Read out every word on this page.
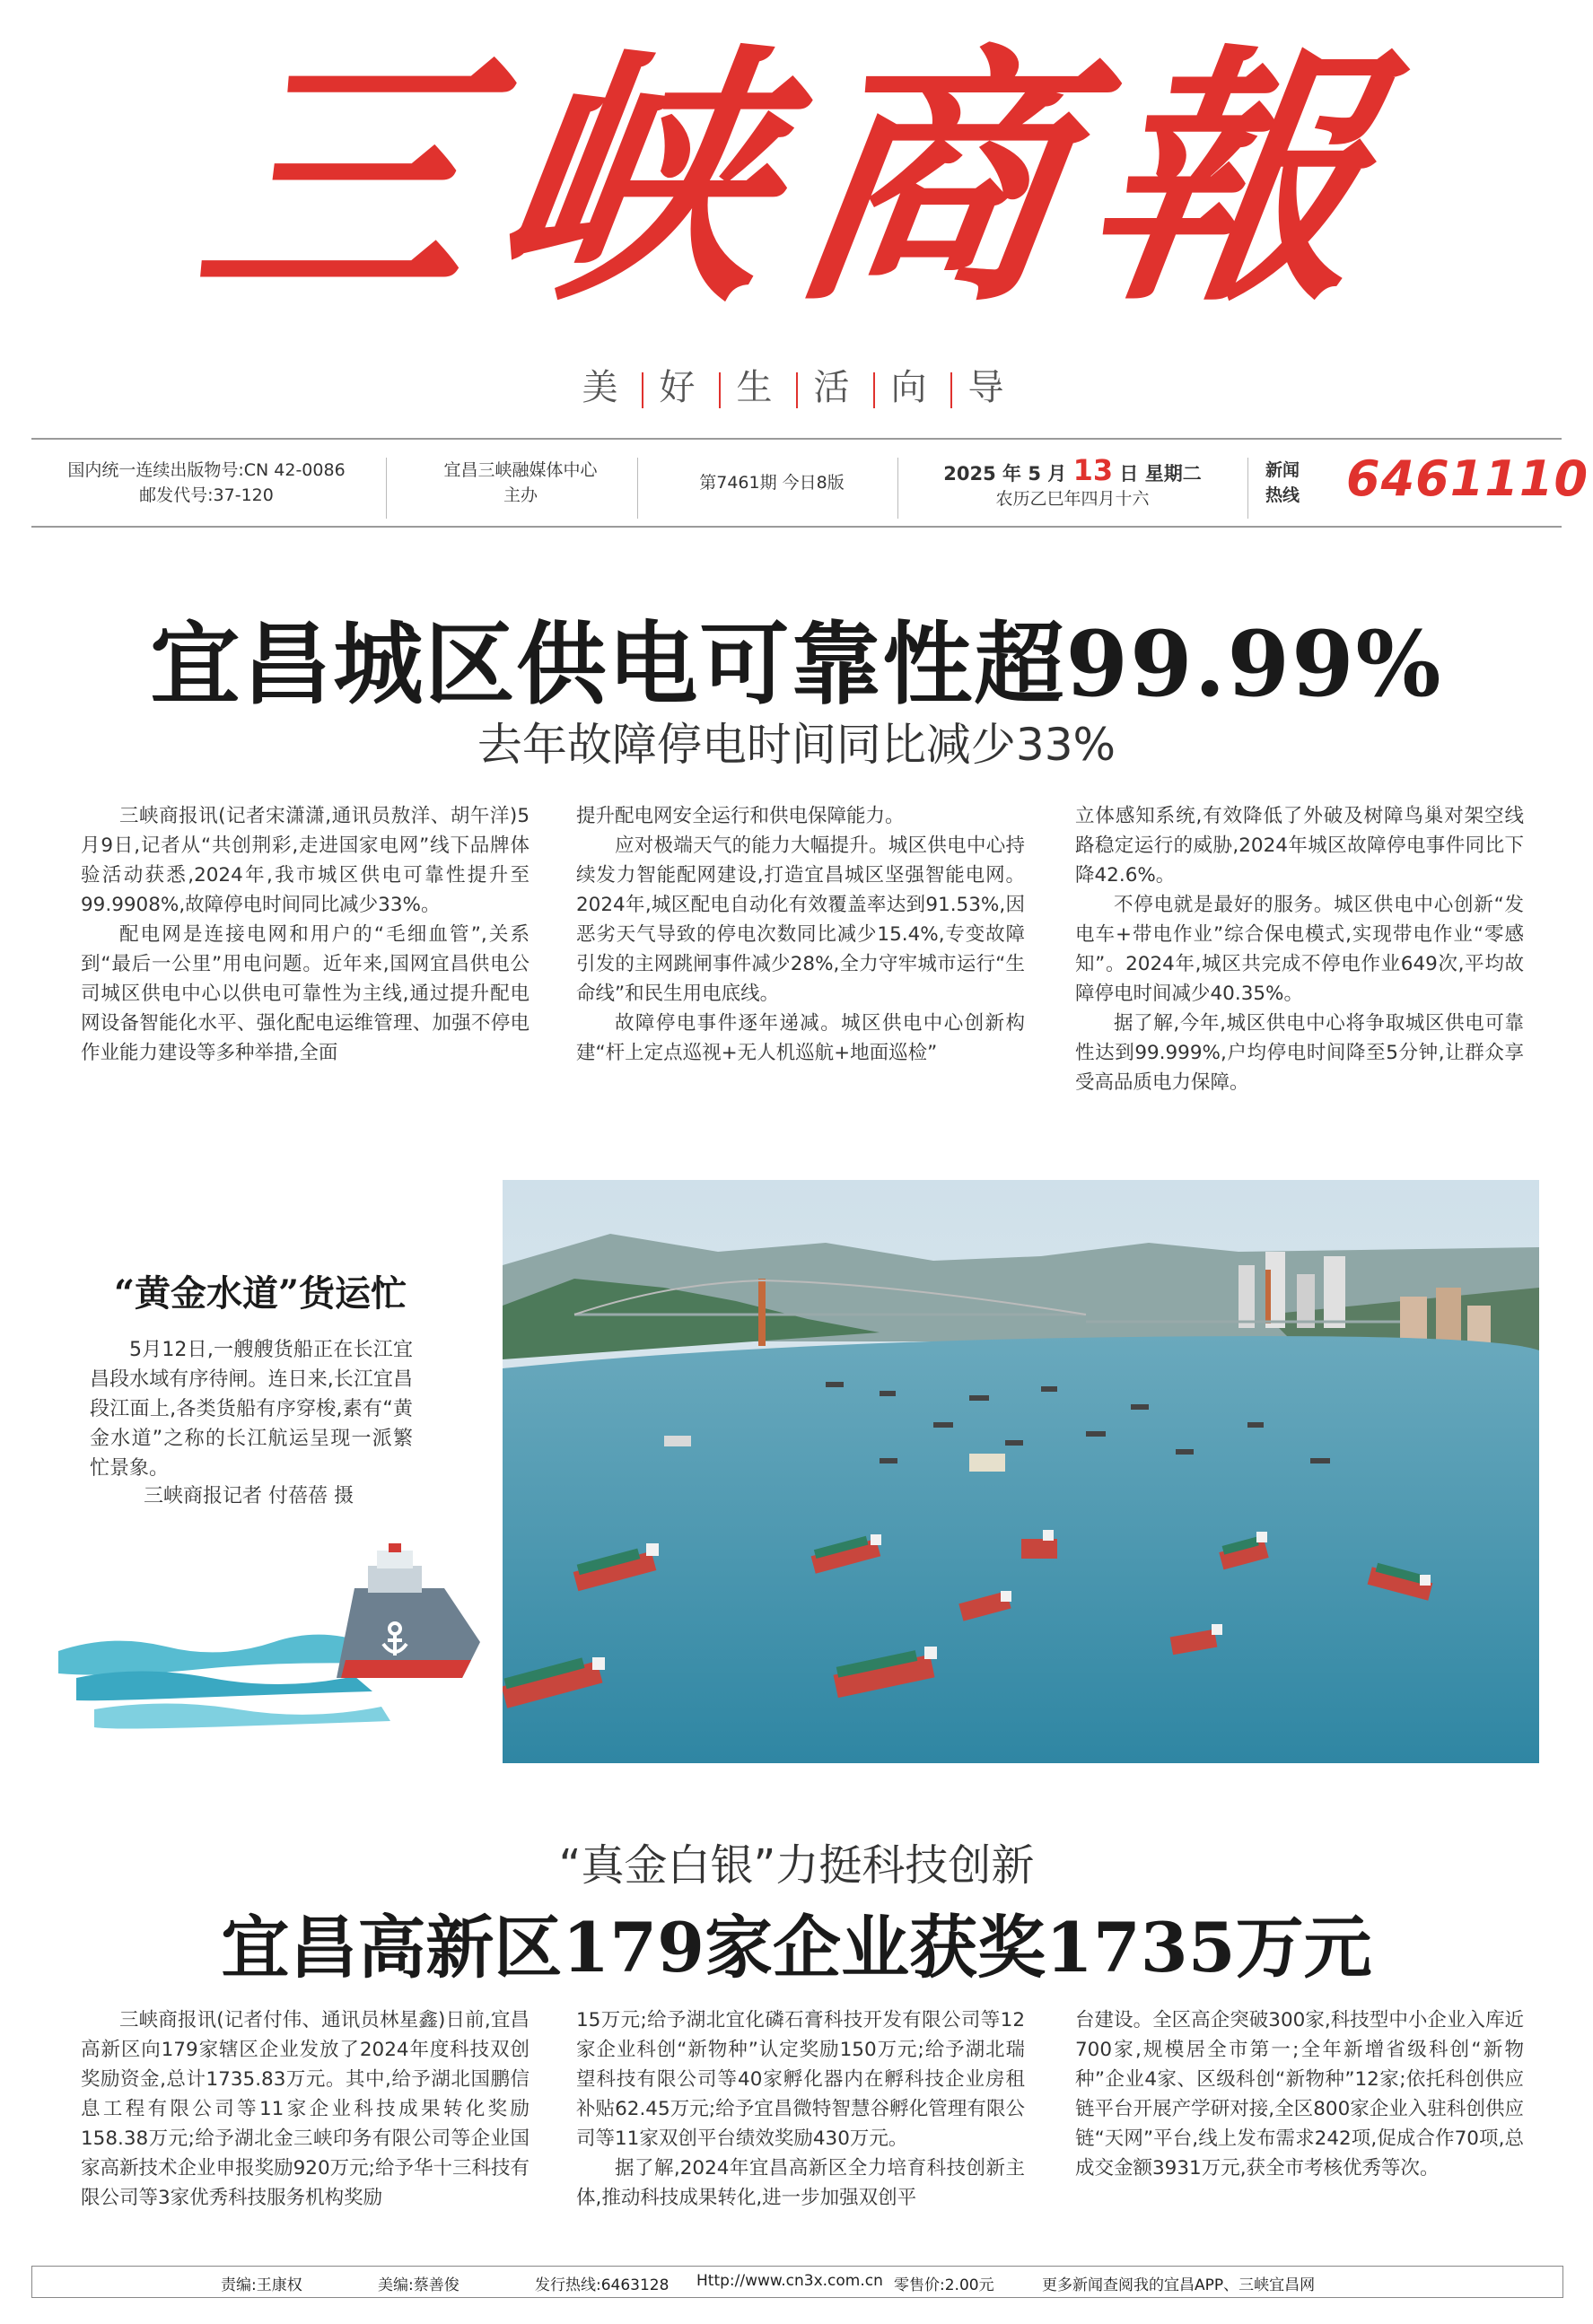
三峡商報
美 好 生 活 向 导
国内统一连续出版物号:CN 42-0086
邮发代号:37-120
宜昌三峡融媒体中心
主办
第7461期 今日8版	2025 年 5 月 13 日 星期二
农历乙巳年四月十六
新闻
热线 6461110
宜昌城区供电可靠性超99.99%
去年故障停电时间同比减少33%

三峡商报讯(记者宋潇潇,通讯员敖洋、胡午洋)5月9日,记者从“共创荆彩,走进国家电网”线下品牌体验活动获悉,2024年,我市城区供电可靠性提升至99.9908%,故障停电时间同比减少33%。

配电网是连接电网和用户的“毛细血管”,关系到“最后一公里”用电问题。近年来,国网宜昌供电公司城区供电中心以供电可靠性为主线,通过提升配电网设备智能化水平、强化配电运维管理、加强不停电作业能力建设等多种举措,全面

提升配电网安全运行和供电保障能力。

应对极端天气的能力大幅提升。城区供电中心持续发力智能配网建设,打造宜昌城区坚强智能电网。2024年,城区配电自动化有效覆盖率达到91.53%,因恶劣天气导致的停电次数同比减少15.4%,专变故障引发的主网跳闸事件减少28%,全力守牢城市运行“生命线”和民生用电底线。

故障停电事件逐年递减。城区供电中心创新构建“杆上定点巡视+无人机巡航+地面巡检”

立体感知系统,有效降低了外破及树障鸟巢对架空线路稳定运行的威胁,2024年城区故障停电事件同比下降42.6%。

不停电就是最好的服务。城区供电中心创新“发电车+带电作业”综合保电模式,实现带电作业“零感知”。2024年,城区共完成不停电作业649次,平均故障停电时间减少40.35%。

据了解,今年,城区供电中心将争取城区供电可靠性达到99.999%,户均停电时间降至5分钟,让群众享受高品质电力保障。

“黄金水道”货运忙

5月12日,一艘艘货船正在长江宜昌段水域有序待闸。连日来,长江宜昌段江面上,各类货船有序穿梭,素有“黄金水道”之称的长江航运呈现一派繁忙景象。

三峡商报记者 付蓓蓓 摄
“真金白银”力挺科技创新
宜昌高新区179家企业获奖1735万元

三峡商报讯(记者付伟、通讯员林星鑫)日前,宜昌高新区向179家辖区企业发放了2024年度科技双创奖励资金,总计1735.83万元。其中,给予湖北国鹏信息工程有限公司等11家企业科技成果转化奖励158.38万元;给予湖北金三峡印务有限公司等企业国家高新技术企业申报奖励920万元;给予华十三科技有限公司等3家优秀科技服务机构奖励

15万元;给予湖北宜化磷石膏科技开发有限公司等12家企业科创“新物种”认定奖励150万元;给予湖北瑞望科技有限公司等40家孵化器内在孵科技企业房租补贴62.45万元;给予宜昌微特智慧谷孵化管理有限公司等11家双创平台绩效奖励430万元。

据了解,2024年宜昌高新区全力培育科技创新主体,推动科技成果转化,进一步加强双创平

台建设。全区高企突破300家,科技型中小企业入库近700家,规模居全市第一;全年新增省级科创“新物种”企业4家、区级科创“新物种”12家;依托科创供应链平台开展产学研对接,全区800家企业入驻科创供应链“天网”平台,线上发布需求242项,促成合作70项,总成交金额3931万元,获全市考核优秀等次。

责编:王康权	美编:蔡善俊	发行热线:6463128 Http://www.cn3x.com.cn 零售价:2.00元	更多新闻查阅我的宜昌APP、三峡宜昌网
